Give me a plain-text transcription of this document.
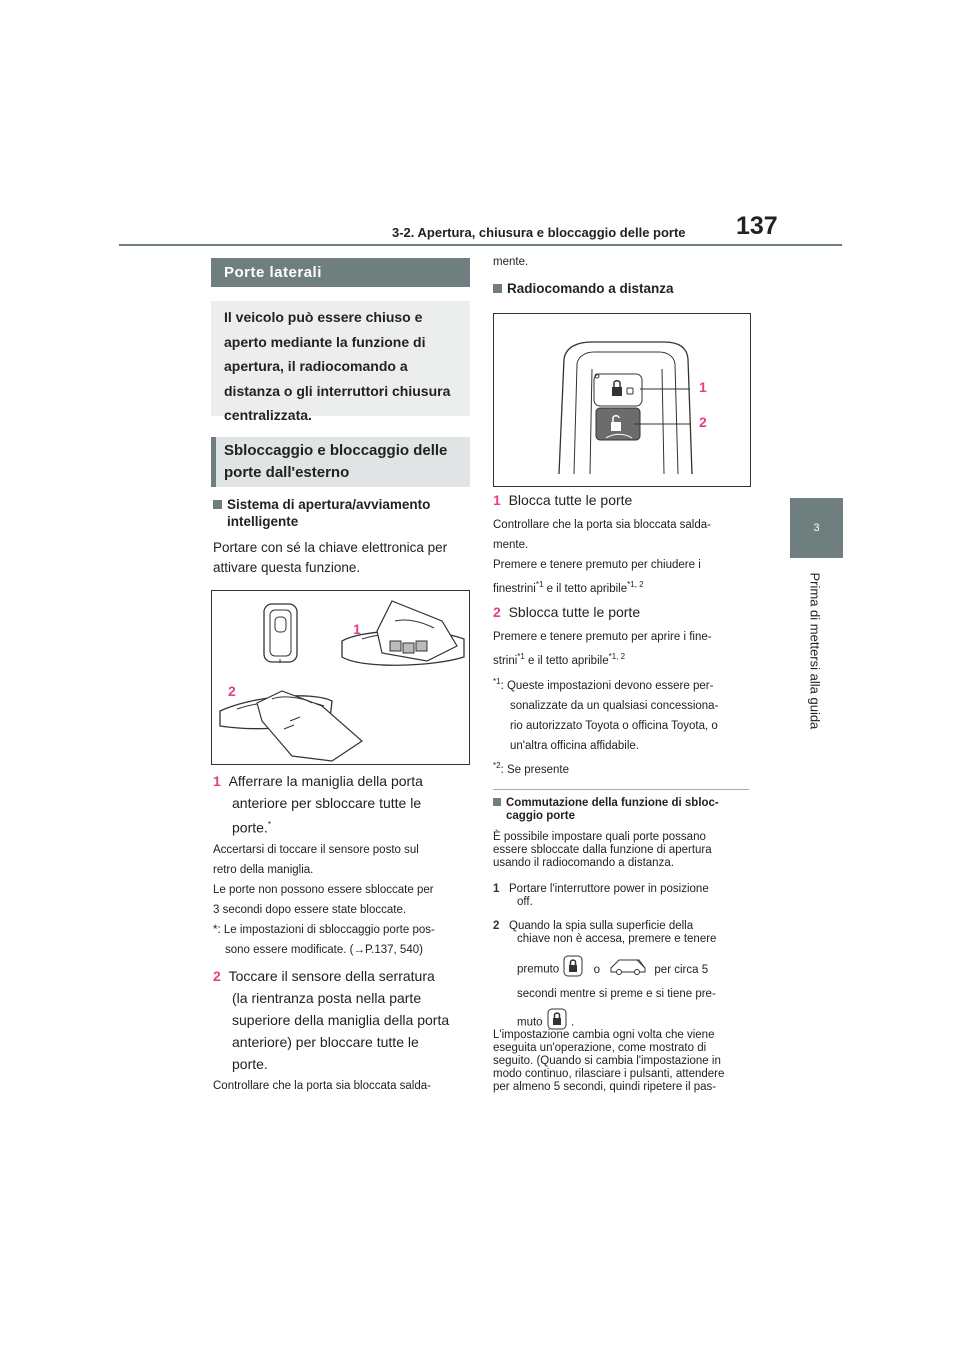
3-2. Apertura, chiusura e bloccaggio delle porte 137
3
Prima di mettersi alla guida
Porte laterali
Il veicolo può essere chiuso e
aperto mediante la funzione di
apertura, il radiocomando a
distanza o gli interruttori chiusura
centralizzata.
Sbloccaggio e bloccaggio delle
porte dall'esterno
Sistema di apertura/avviamento
intelligente
Portare con sé la chiave elettronica per
attivare questa funzione.
1
2
1 Afferrare la maniglia della porta
anteriore per sbloccare tutte le
porte.*
Accertarsi di toccare il sensore posto sul
retro della maniglia.
Le porte non possono essere sbloccate per
3 secondi dopo essere state bloccate.
*: Le impostazioni di sbloccaggio porte pos-
sono essere modificate. (→P.137, 540)
2 Toccare il sensore della serratura
(la rientranza posta nella parte
superiore della maniglia della porta
anteriore) per bloccare tutte le
porte.
Controllare che la porta sia bloccata salda-
mente.
Radiocomando a distanza
1
2
1 Blocca tutte le porte
Controllare che la porta sia bloccata salda-
mente.
Premere e tenere premuto per chiudere i
finestrini$^{*1}$ e il tetto apribile$^{*1, 2}$
2 Sblocca tutte le porte
Premere e tenere premuto per aprire i fine-
strini$^{*1}$ e il tetto apribile$^{*1, 2}$
$^{*1}$: Queste impostazioni devono essere per-
sonalizzate da un qualsiasi concessiona-
rio autorizzato Toyota o officina Toyota, o
un'altra officina affidabile.
$^{*2}$: Se presente
Commutazione della funzione di sbloc-
caggio porte
È possibile impostare quali porte possano
essere sbloccate dalla funzione di apertura
usando il radiocomando a distanza.
1 Portare l'interruttore power in posizione
off.
2 Quando la spia sulla superficie della
chiave non è accesa, premere e tenere
premuto	o	per circa 5
secondi mentre si preme e si tiene pre-
muto .
L'impostazione cambia ogni volta che viene
eseguita un'operazione, come mostrato di
seguito. (Quando si cambia l'impostazione in
modo continuo, rilasciare i pulsanti, attendere
per almeno 5 secondi, quindi ripetere il pas-
